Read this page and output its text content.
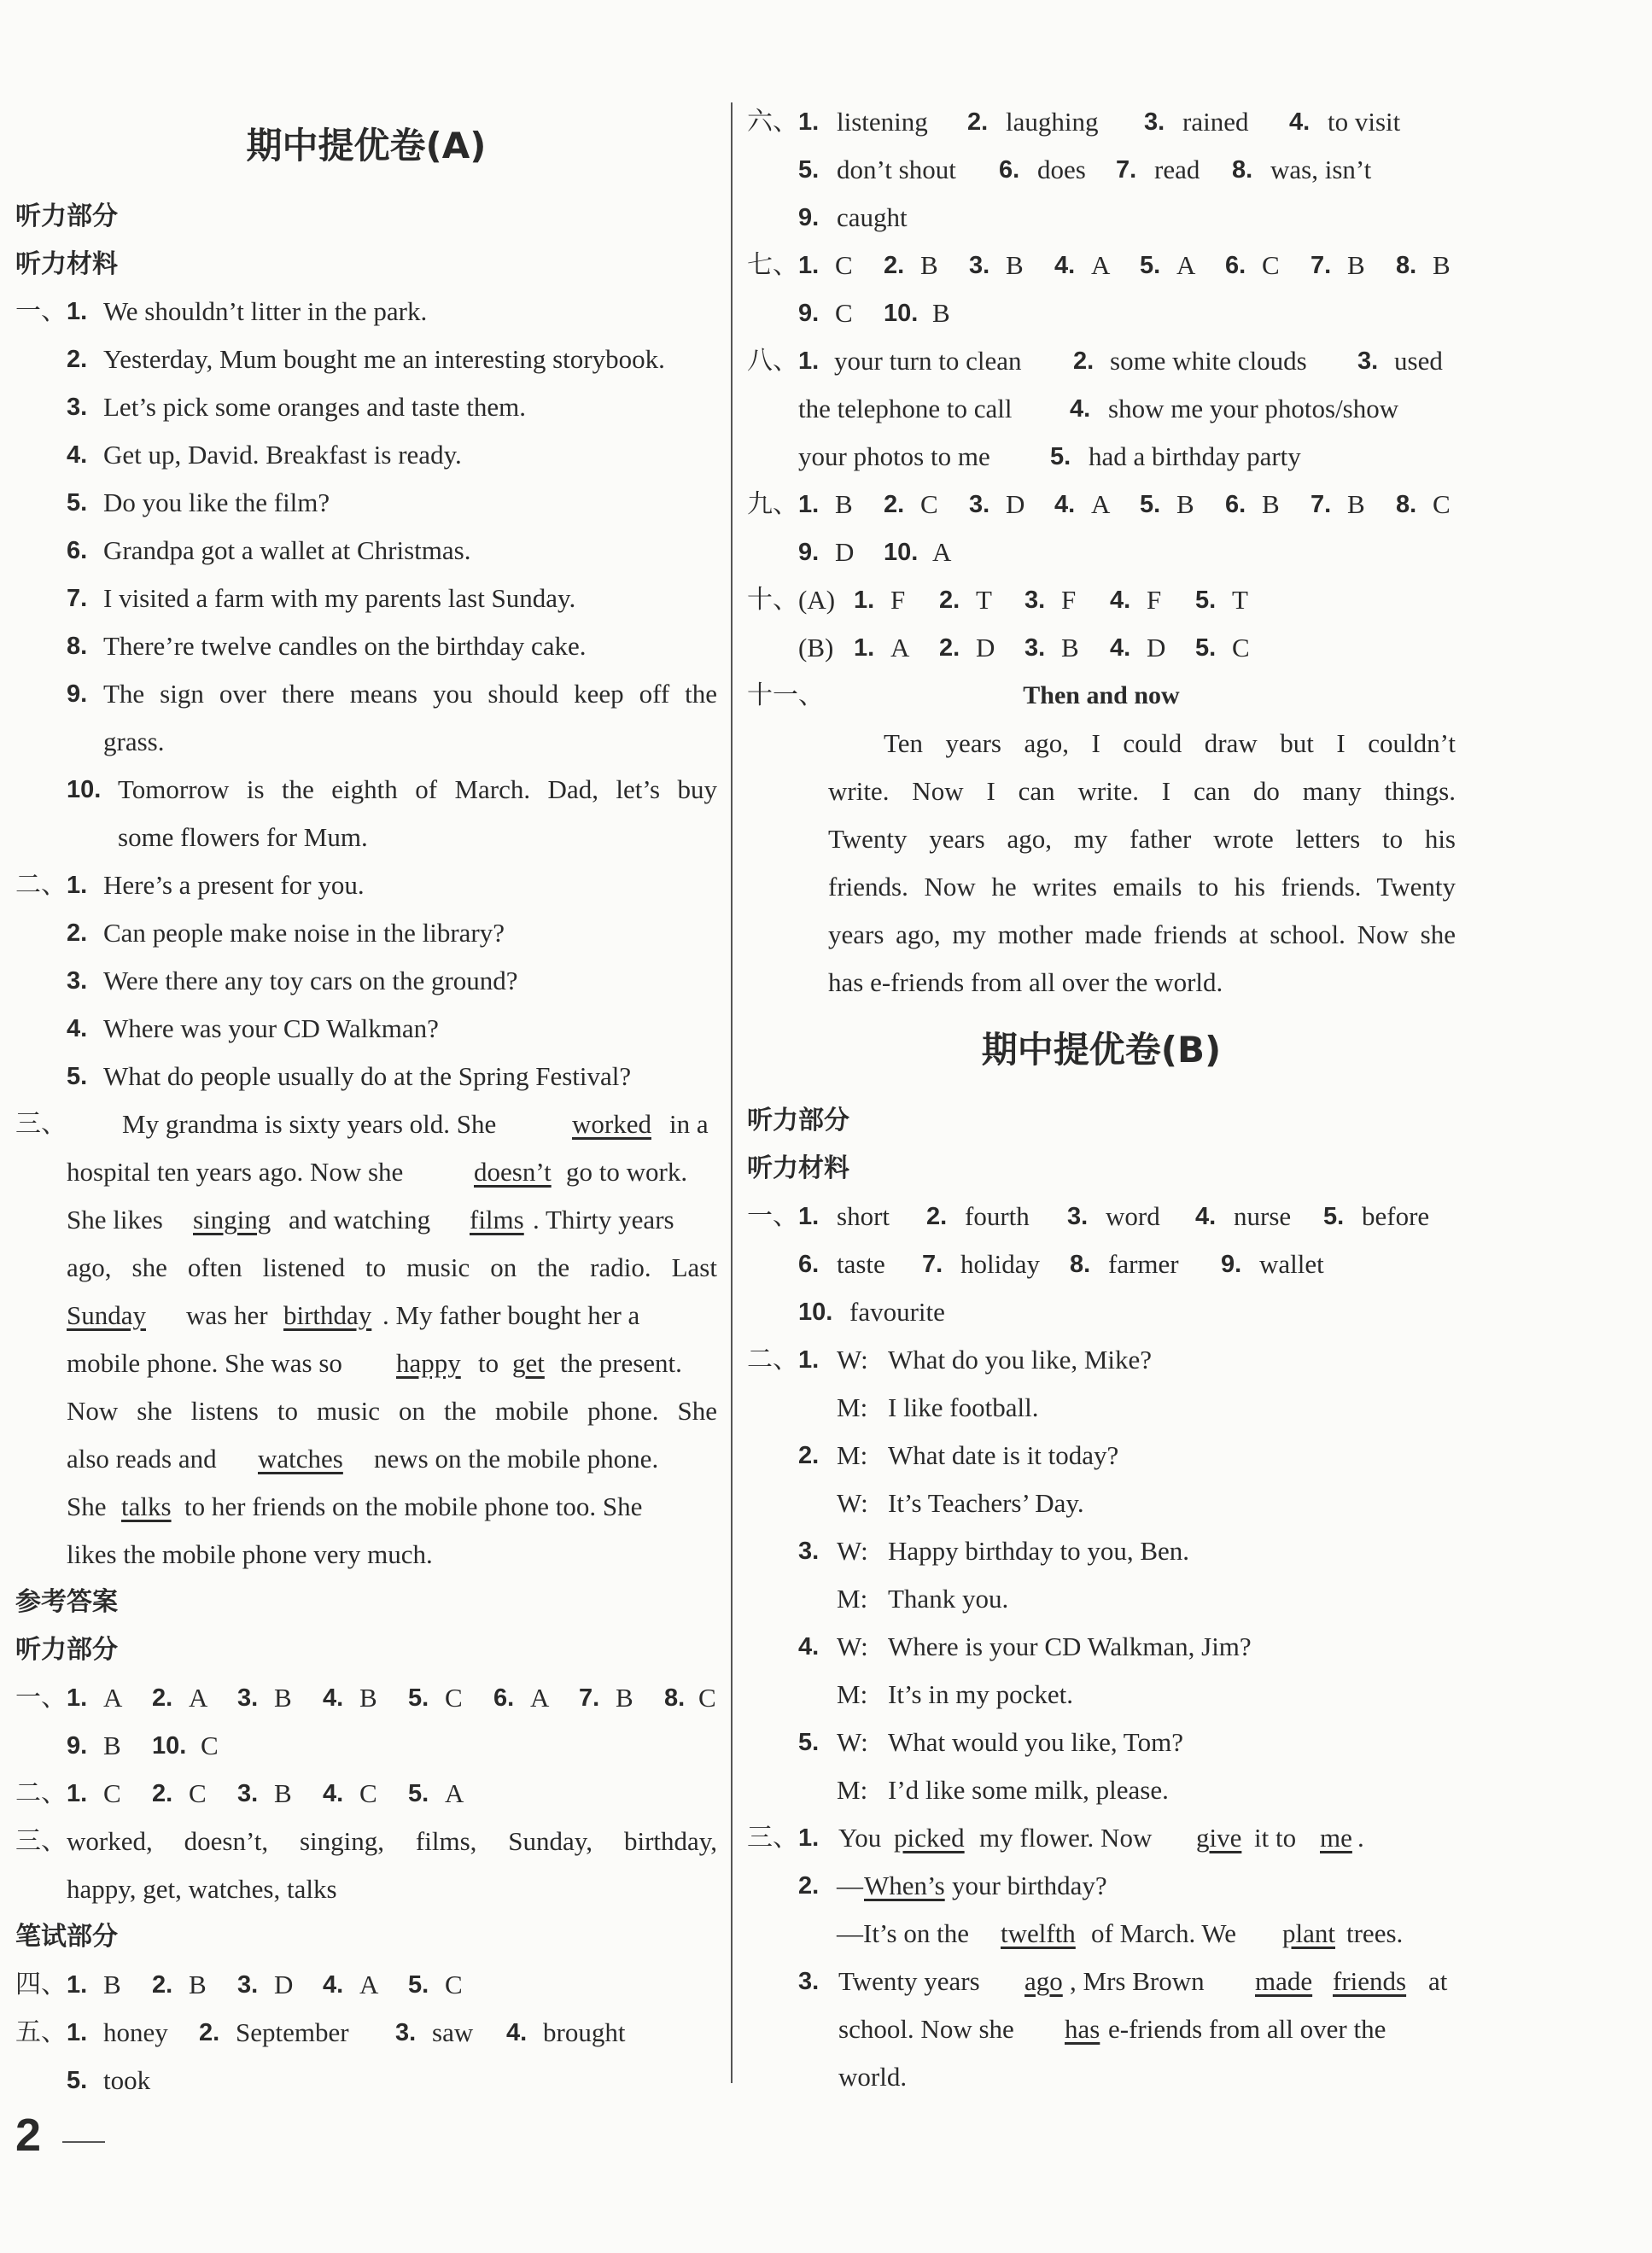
期中提优卷(A)
听力部分
听力材料
一、 1. We shouldn’t litter in the park.
2. Yesterday, Mum bought me an interesting storybook.
3. Let’s pick some oranges and taste them.
4. Get up, David. Breakfast is ready.
5. Do you like the film?
6. Grandpa got a wallet at Christmas.
7. I visited a farm with my parents last Sunday.
8. There’re twelve candles on the birthday cake.
9. The sign over there means you should keep off the
grass.
10. Tomorrow is the eighth of March. Dad, let’s buy
some flowers for Mum.
二、 1. Here’s a present for you.
2. Can people make noise in the library?
3. Were there any toy cars on the ground?
4. Where was your CD Walkman?
5. What do people usually do at the Spring Festival?
三、 My grandma is sixty years old. She	worked in a
hospital ten years ago. Now she	doesn’t go to work.
She likes singing and watching films . Thirty years
ago, she often listened to music on the radio. Last
Sunday was her birthday . My father bought her a
mobile phone. She was so happy to get the present.
Now she listens to music on the mobile phone. She
also reads and watches news on the mobile phone.
She talks to her friends on the mobile phone too. She
likes the mobile phone very much.
参考答案
听力部分
一、 1. A 2. A 3. B 4. B 5. C 6. A 7. B 8. C
9. B 10. C
二、 1. C 2. C 3. B 4. C 5. A
三、 worked, doesn’t, singing, films, Sunday, birthday,
happy, get, watches, talks
笔试部分
四、 1. B 2. B 3. D 4. A 5. C
五、 1. honey 2. September 3. saw 4. brought
5. took
2
六、 1. listening 2. laughing 3. rained 4. to visit
5. don’t shout 6. does 7. read 8. was, isn’t
9. caught
七、 1. C 2. B 3. B 4. A 5. A 6. C 7. B 8. B
9. C 10. B
八、 1. your turn to clean 2. some white clouds 3. used
the telephone to call 4. show me your photos/show
your photos to me 5. had a birthday party
九、 1. B 2. C 3. D 4. A 5. B 6. B 7. B 8. C
9. D 10. A
十、 (A) 1. F 2. T 3. F 4. F 5. T
(B) 1. A 2. D 3. B 4. D 5. C
十一、	Then and now
Ten years ago, I could draw but I couldn’t
write. Now I can write. I can do many things.
Twenty years ago, my father wrote letters to his
friends. Now he writes emails to his friends. Twenty
years ago, my mother made friends at school. Now she
has e-friends from all over the world.
期中提优卷(B)
听力部分
听力材料
一、 1. short 2. fourth 3. word 4. nurse 5. before
6. taste 7. holiday 8. farmer 9. wallet
10. favourite
二、 1. W: What do you like, Mike?
M: I like football.
2. M: What date is it today?
W: It’s Teachers’ Day.
3. W: Happy birthday to you, Ben.
M: Thank you.
4. W: Where is your CD Walkman, Jim?
M: It’s in my pocket.
5. W: What would you like, Tom?
M: I’d like some milk, please.
三、 1. You picked my flower. Now give it to me .
2. — When’s your birthday?
—It’s on the twelfth of March. We plant trees.
3. Twenty years ago , Mrs Brown made friends at
school. Now she has e-friends from all over the
world.
